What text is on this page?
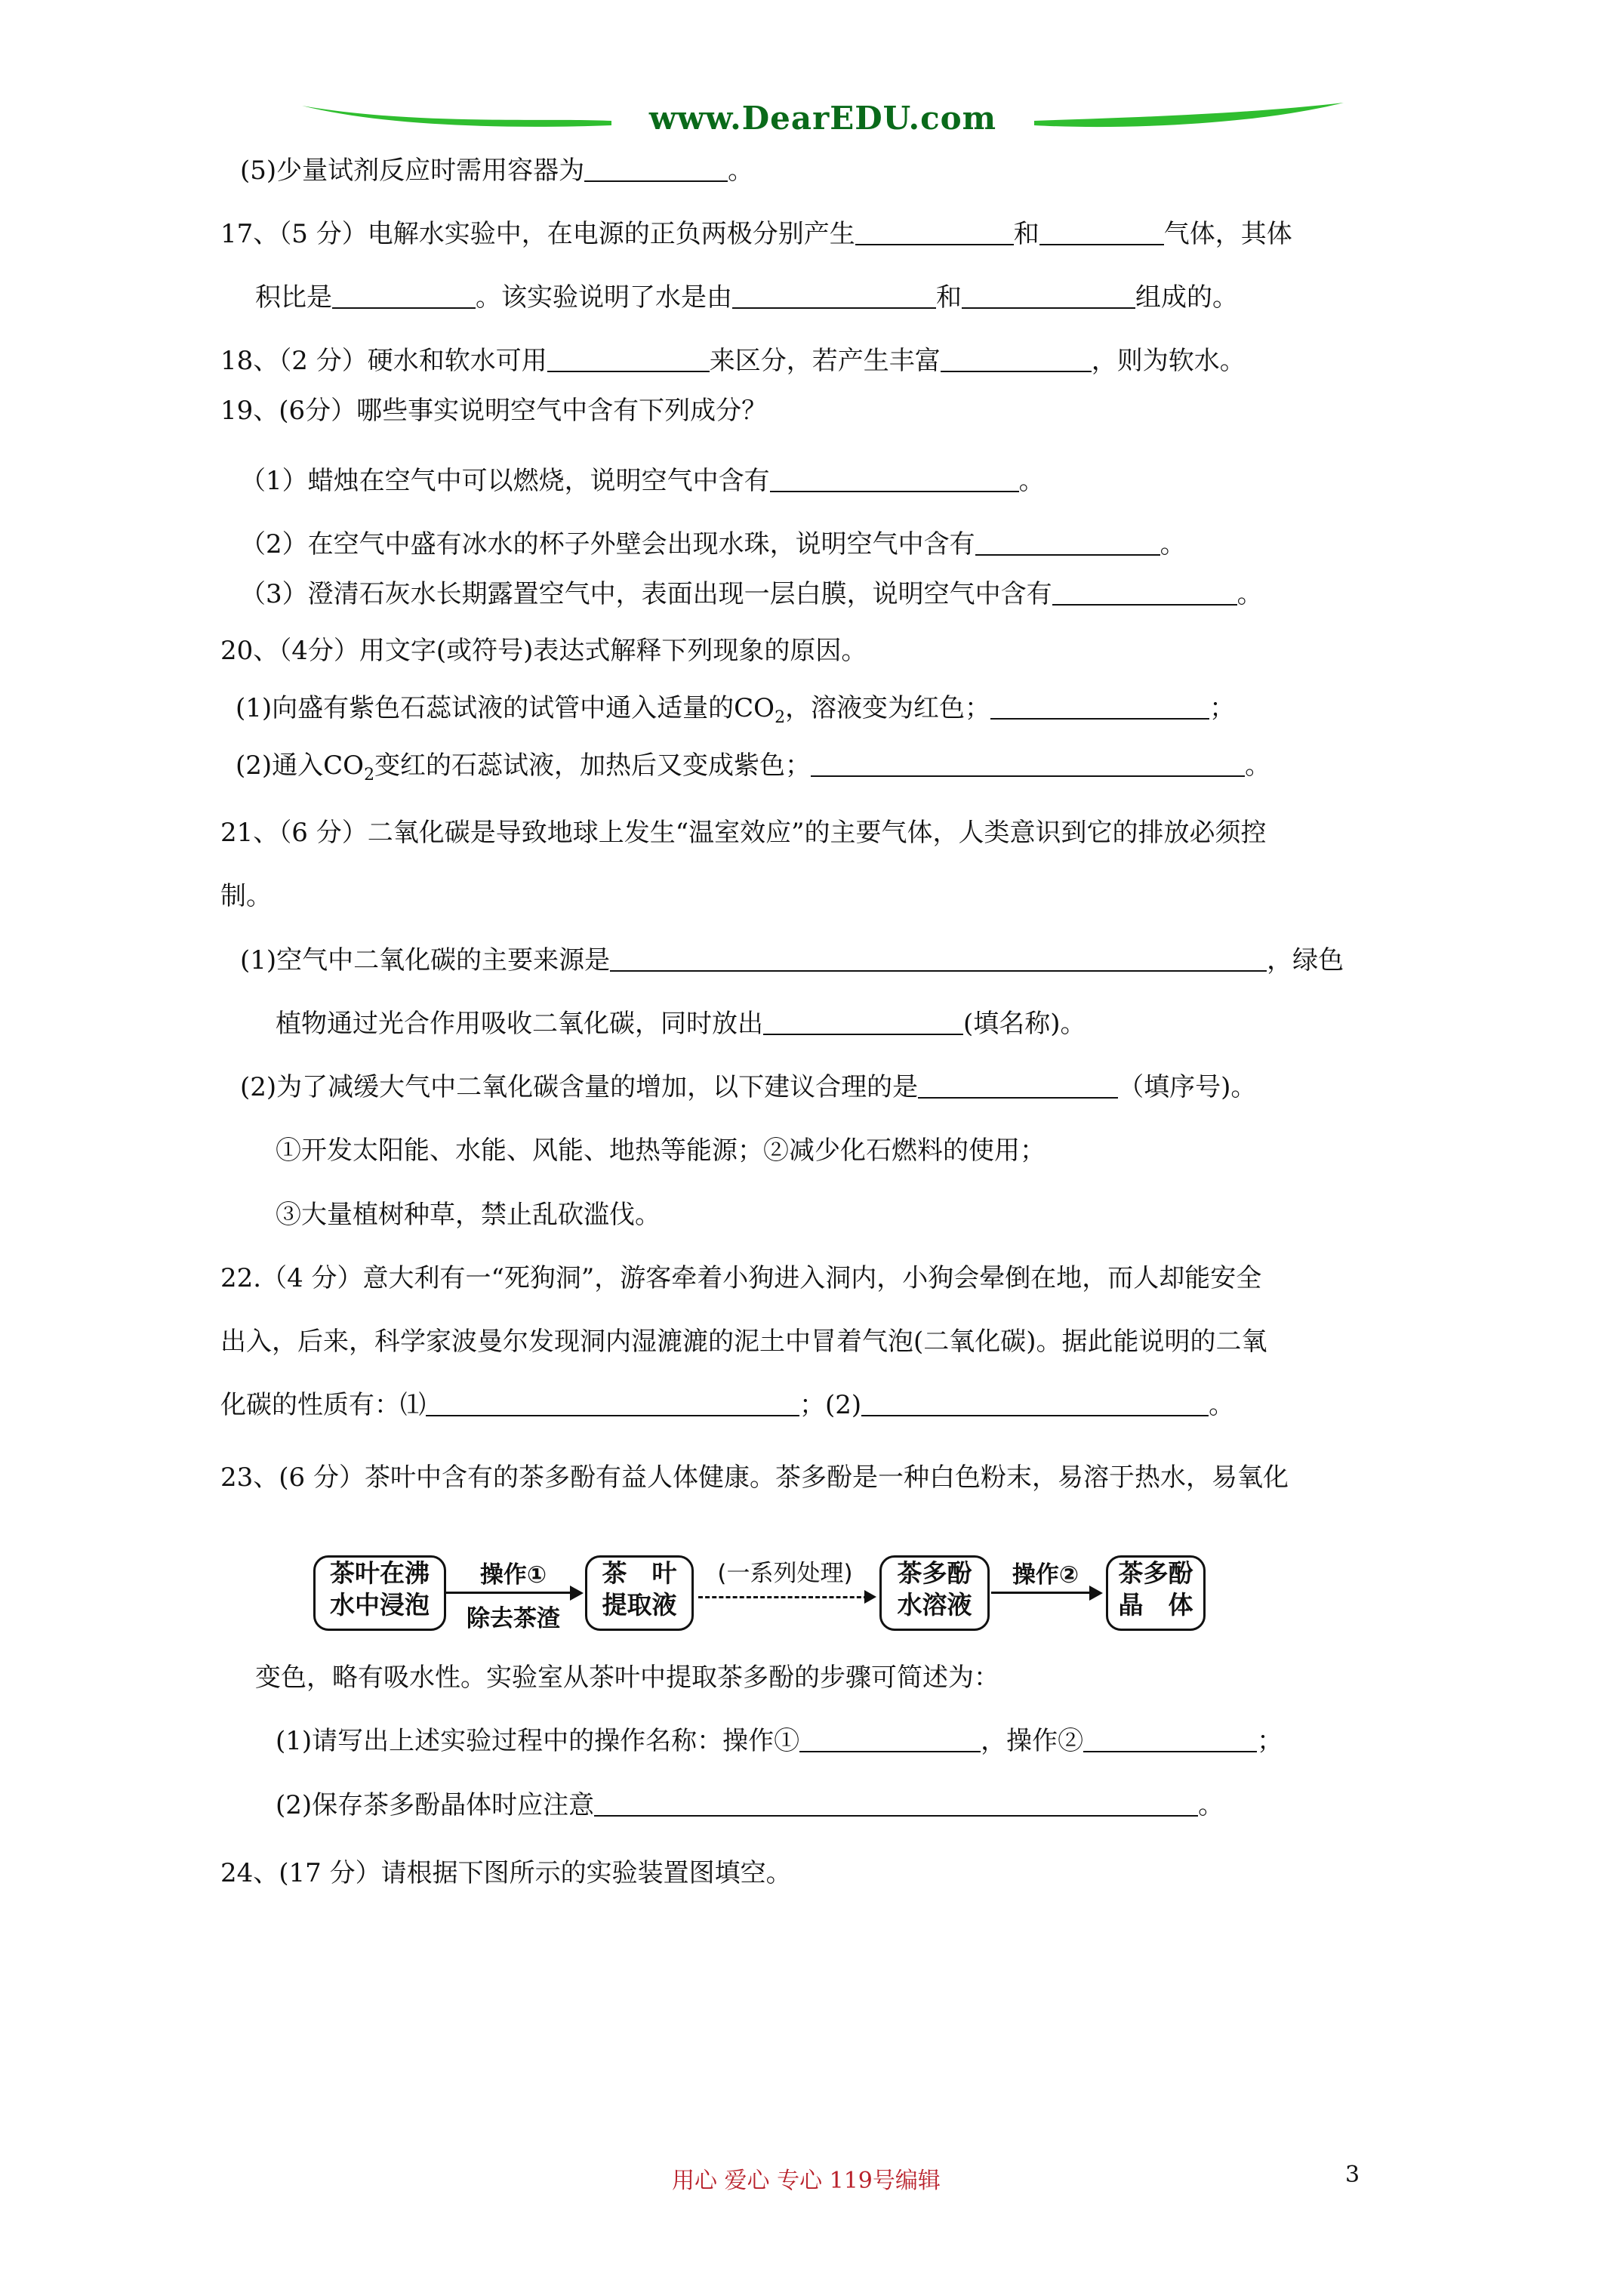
www.DearEDU.com
(5)少量试剂反应时需用容器为	。
17、（5 分）电解水实验中，在电源的正负两极分别产生	和	气体，其体
积比是	。该实验说明了水是由	和	组成的。
18、（2 分）硬水和软水可用	来区分，若产生丰富	，则为软水。
19、(6分）哪些事实说明空气中含有下列成分？
（1）蜡烛在空气中可以燃烧，说明空气中含有	。
（2）在空气中盛有冰水的杯子外壁会出现水珠，说明空气中含有	。
（3）澄清石灰水长期露置空气中，表面出现一层白膜，说明空气中含有	。
20、（4分）用文字(或符号)表达式解释下列现象的原因。
(1)向盛有紫色石蕊试液的试管中通入适量的$CO_2$，溶液变为红色；	；
(2)通入$CO_2$变红的石蕊试液，加热后又变成紫色；	。
21、（6 分）二氧化碳是导致地球上发生“温室效应”的主要气体，人类意识到它的排放必须控
制。
(1)空气中二氧化碳的主要来源是	，绿色
植物通过光合作用吸收二氧化碳，同时放出	(填名称)。
(2)为了减缓大气中二氧化碳含量的增加，以下建议合理的是	（填序号)。
①开发太阳能、水能、风能、地热等能源；②减少化石燃料的使用；
③大量植树种草，禁止乱砍滥伐。
22.（4 分）意大利有一“死狗洞”，游客牵着小狗进入洞内，小狗会晕倒在地，而人却能安全
出入，后来，科学家波曼尔发现洞内湿漉漉的泥土中冒着气泡(二氧化碳)。据此能说明的二氧
化碳的性质有：⑴	；(2)	。
23、(6 分）茶叶中含有的茶多酚有益人体健康。茶多酚是一种白色粉末，易溶于热水，易氧化
茶叶在沸
水中浸泡
操作①
除去茶渣
茶　叶
提取液
(一系列处理)	茶多酚
水溶液
操作②	茶多酚
晶　体
变色，略有吸水性。实验室从茶叶中提取茶多酚的步骤可简述为：
(1)请写出上述实验过程中的操作名称：操作①	，操作②	；
(2)保存茶多酚晶体时应注意	。
24、(17 分）请根据下图所示的实验装置图填空。
用心 爱心 专心 119号编辑	3
